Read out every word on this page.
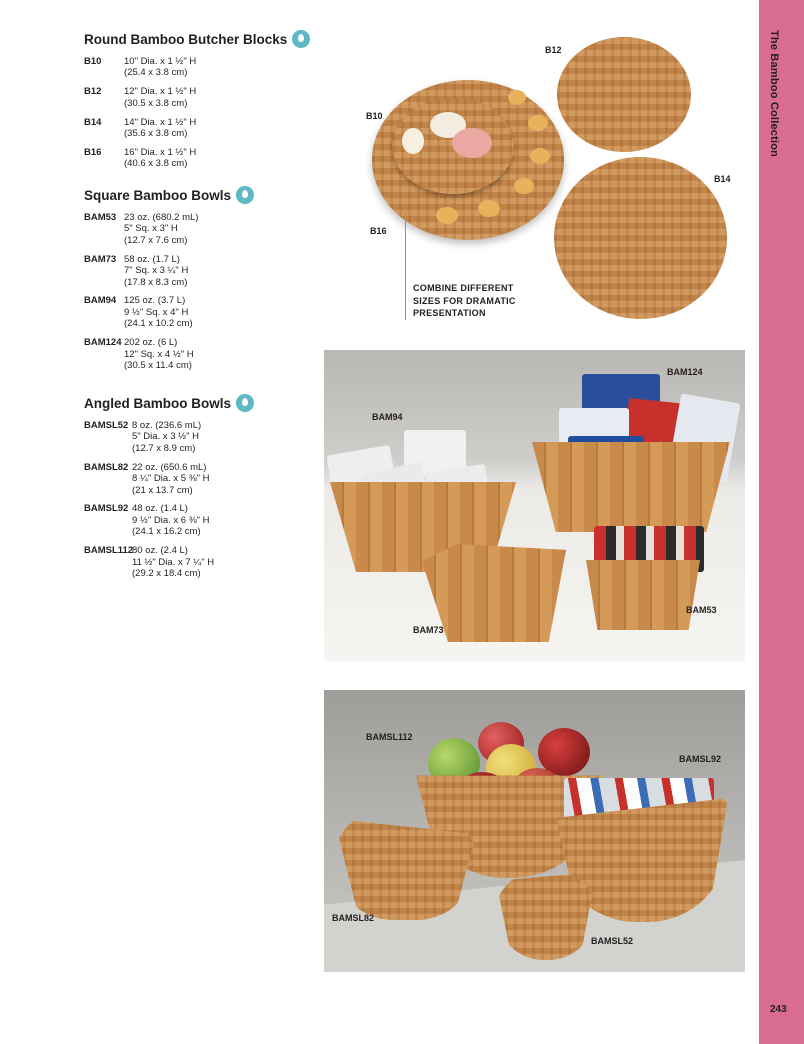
The Bamboo Collection
243
Round Bamboo Butcher Blocks
B10	10" Dia. x 1 ½" H
(25.4 x 3.8 cm)
B12	12" Dia. x 1 ½" H
(30.5 x 3.8 cm)
B14	14" Dia. x 1 ½" H
(35.6 x 3.8 cm)
B16	16" Dia. x 1 ½" H
(40.6 x 3.8 cm)
Square Bamboo Bowls
BAM53 23 oz. (680.2 mL)
5" Sq. x 3" H
(12.7 x 7.6 cm)
BAM73 58 oz. (1.7 L)
7" Sq. x 3 ¼" H
(17.8 x 8.3 cm)
BAM94 125 oz. (3.7 L)
9 ½" Sq. x 4" H
(24.1 x 10.2 cm)
BAM124 202 oz. (6 L)
12" Sq. x 4 ½" H
(30.5 x 11.4 cm)
Angled Bamboo Bowls
BAMSL52 8 oz. (236.6 mL)
5" Dia. x 3 ½" H
(12.7 x 8.9 cm)
BAMSL82 22 oz. (650.6 mL)
8 ¼" Dia. x 5 ⅜" H
(21 x 13.7 cm)
BAMSL92 48 oz. (1.4 L)
9 ½" Dia. x 6 ⅜" H
(24.1 x 16.2 cm)
BAMSL112
80 oz. (2.4 L)
11 ½" Dia. x 7 ¼" H
(29.2 x 18.4 cm)
B12
B10
B14
B16
COMBINE DIFFERENT
SIZES FOR DRAMATIC
PRESENTATION
BAM124
BAM94
BAM53
BAM73
BAMSL112
BAMSL92
BAMSL82
BAMSL52
